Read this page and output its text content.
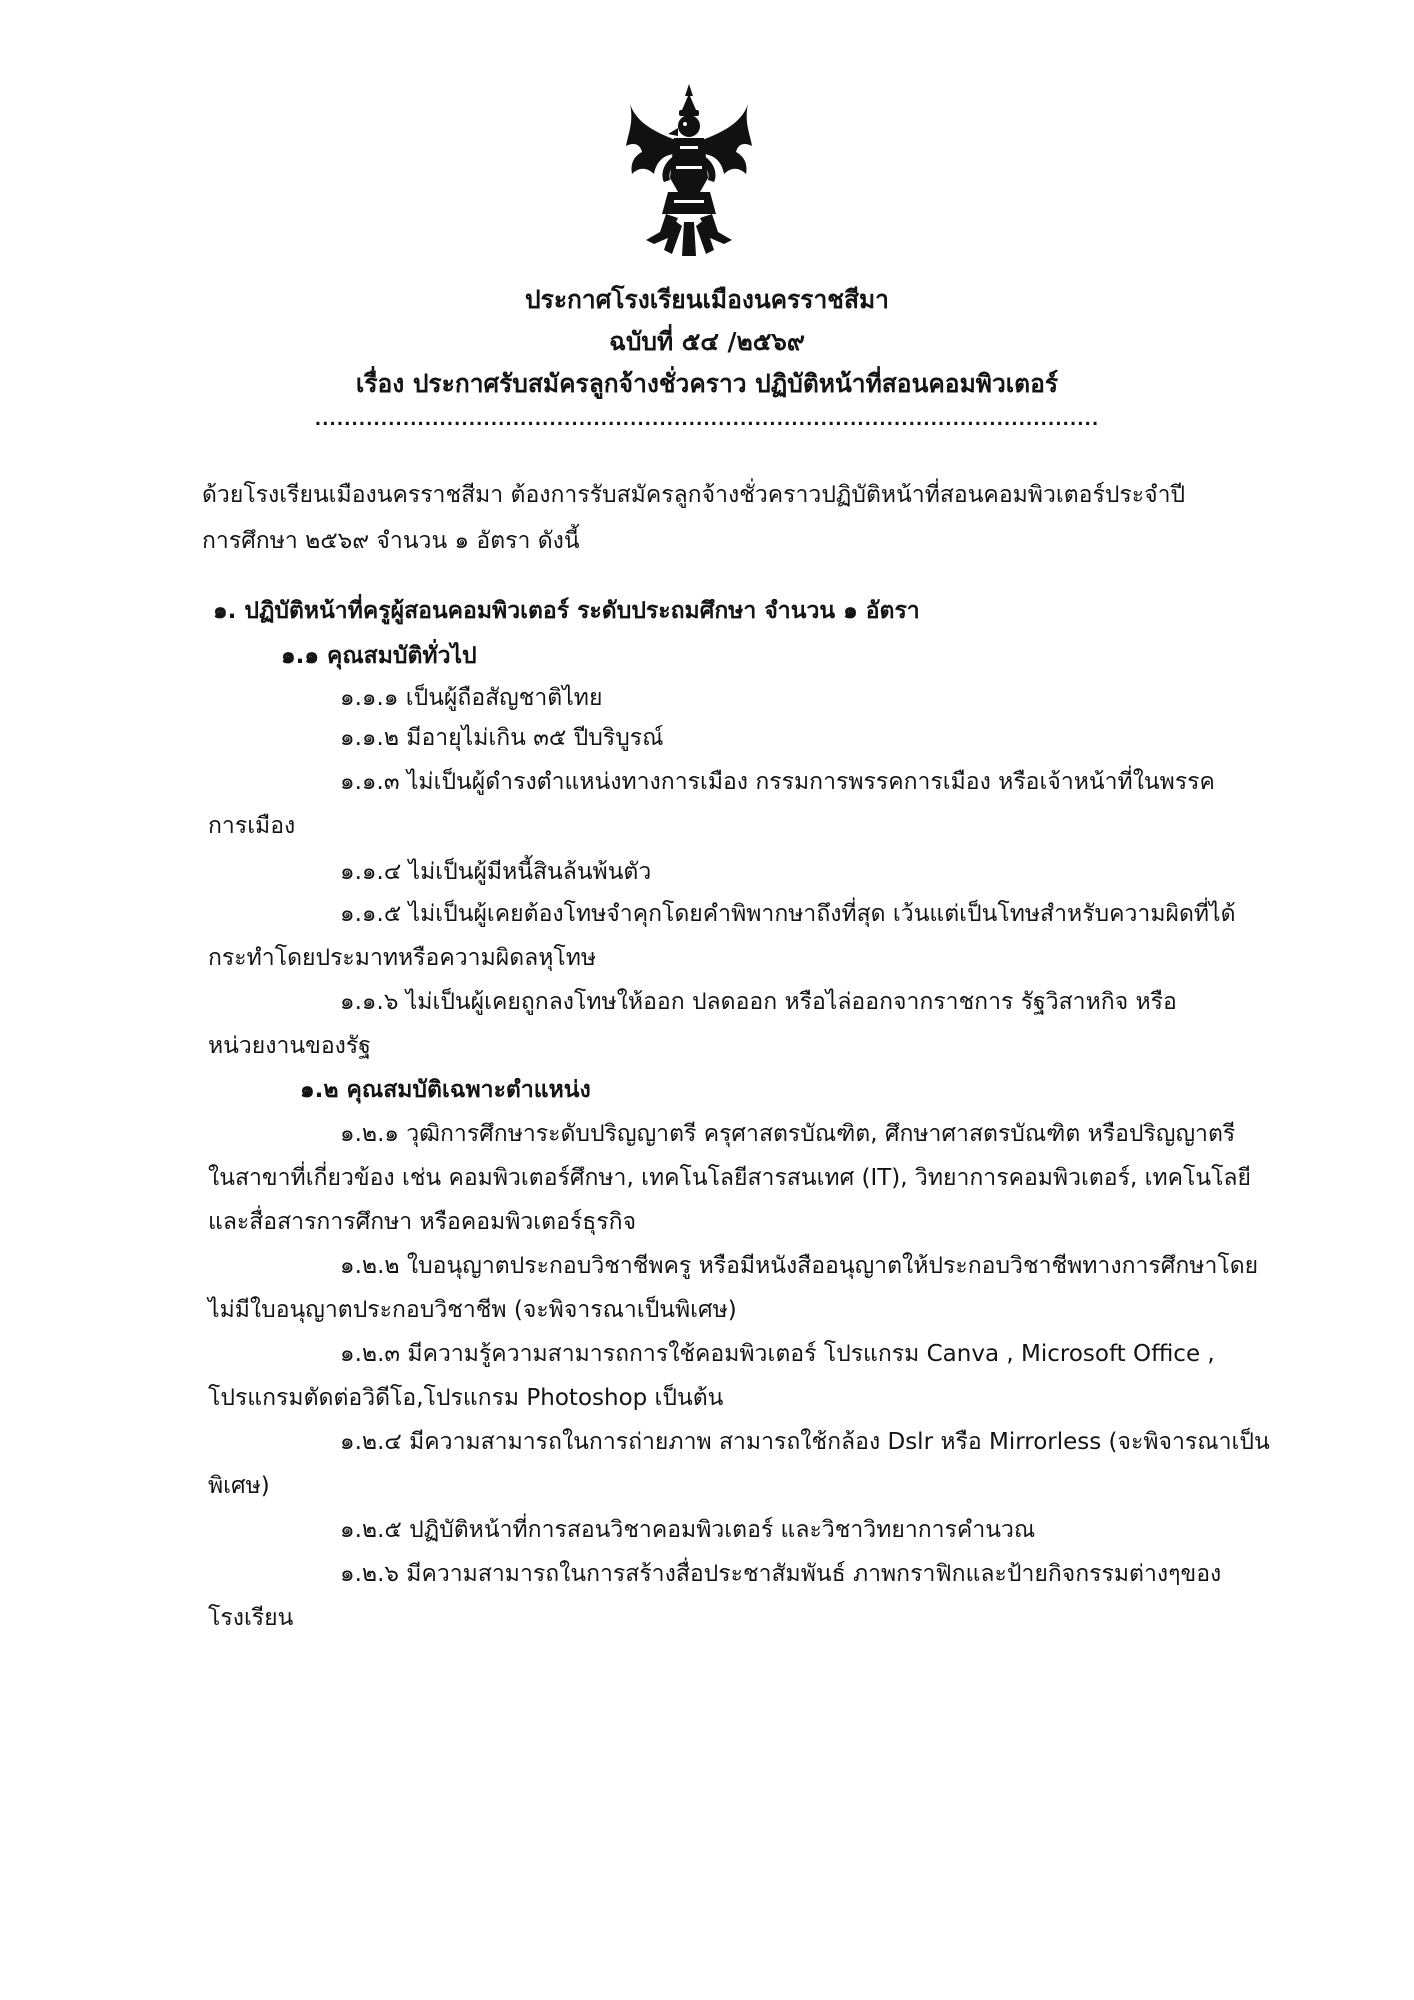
ประกาศโรงเรียนเมืองนครราชสีมา
ฉบับที่ ๕๔ /๒๕๖๙
เรื่อง ประกาศรับสมัครลูกจ้างชั่วคราว ปฏิบัติหน้าที่สอนคอมพิวเตอร์
...........................................................................................................
ด้วยโรงเรียนเมืองนครราชสีมา ต้องการรับสมัครลูกจ้างชั่วคราวปฏิบัติหน้าที่สอนคอมพิวเตอร์ประจำปี
การศึกษา ๒๕๖๙ จำนวน ๑ อัตรา ดังนี้
๑. ปฏิบัติหน้าที่ครูผู้สอนคอมพิวเตอร์ ระดับประถมศึกษา จำนวน ๑ อัตรา
๑.๑ คุณสมบัติทั่วไป
๑.๑.๑ เป็นผู้ถือสัญชาติไทย
๑.๑.๒ มีอายุไม่เกิน ๓๕ ปีบริบูรณ์
๑.๑.๓ ไม่เป็นผู้ดำรงตำแหน่งทางการเมือง กรรมการพรรคการเมือง หรือเจ้าหน้าที่ในพรรค
การเมือง
๑.๑.๔ ไม่เป็นผู้มีหนี้สินล้นพ้นตัว
๑.๑.๕ ไม่เป็นผู้เคยต้องโทษจำคุกโดยคำพิพากษาถึงที่สุด เว้นแต่เป็นโทษสำหรับความผิดที่ได้
กระทำโดยประมาทหรือความผิดลหุโทษ
๑.๑.๖ ไม่เป็นผู้เคยถูกลงโทษให้ออก ปลดออก หรือไล่ออกจากราชการ รัฐวิสาหกิจ หรือ
หน่วยงานของรัฐ
๑.๒ คุณสมบัติเฉพาะตำแหน่ง
๑.๒.๑ วุฒิการศึกษาระดับปริญญาตรี ครุศาสตรบัณฑิต, ศึกษาศาสตรบัณฑิต หรือปริญญาตรี
ในสาขาที่เกี่ยวข้อง เช่น คอมพิวเตอร์ศึกษา, เทคโนโลยีสารสนเทศ (IT), วิทยาการคอมพิวเตอร์, เทคโนโลยี
และสื่อสารการศึกษา หรือคอมพิวเตอร์ธุรกิจ
๑.๒.๒ ใบอนุญาตประกอบวิชาชีพครู หรือมีหนังสืออนุญาตให้ประกอบวิชาชีพทางการศึกษาโดย
ไม่มีใบอนุญาตประกอบวิชาชีพ (จะพิจารณาเป็นพิเศษ)
๑.๒.๓ มีความรู้ความสามารถการใช้คอมพิวเตอร์ โปรแกรม Canva , Microsoft Office ,
โปรแกรมตัดต่อวิดีโอ,โปรแกรม Photoshop เป็นต้น
๑.๒.๔ มีความสามารถในการถ่ายภาพ สามารถใช้กล้อง Dslr หรือ Mirrorless (จะพิจารณาเป็น
พิเศษ)
๑.๒.๕ ปฏิบัติหน้าที่การสอนวิชาคอมพิวเตอร์ และวิชาวิทยาการคำนวณ
๑.๒.๖ มีความสามารถในการสร้างสื่อประชาสัมพันธ์ ภาพกราฟิกและป้ายกิจกรรมต่างๆของ
โรงเรียน
